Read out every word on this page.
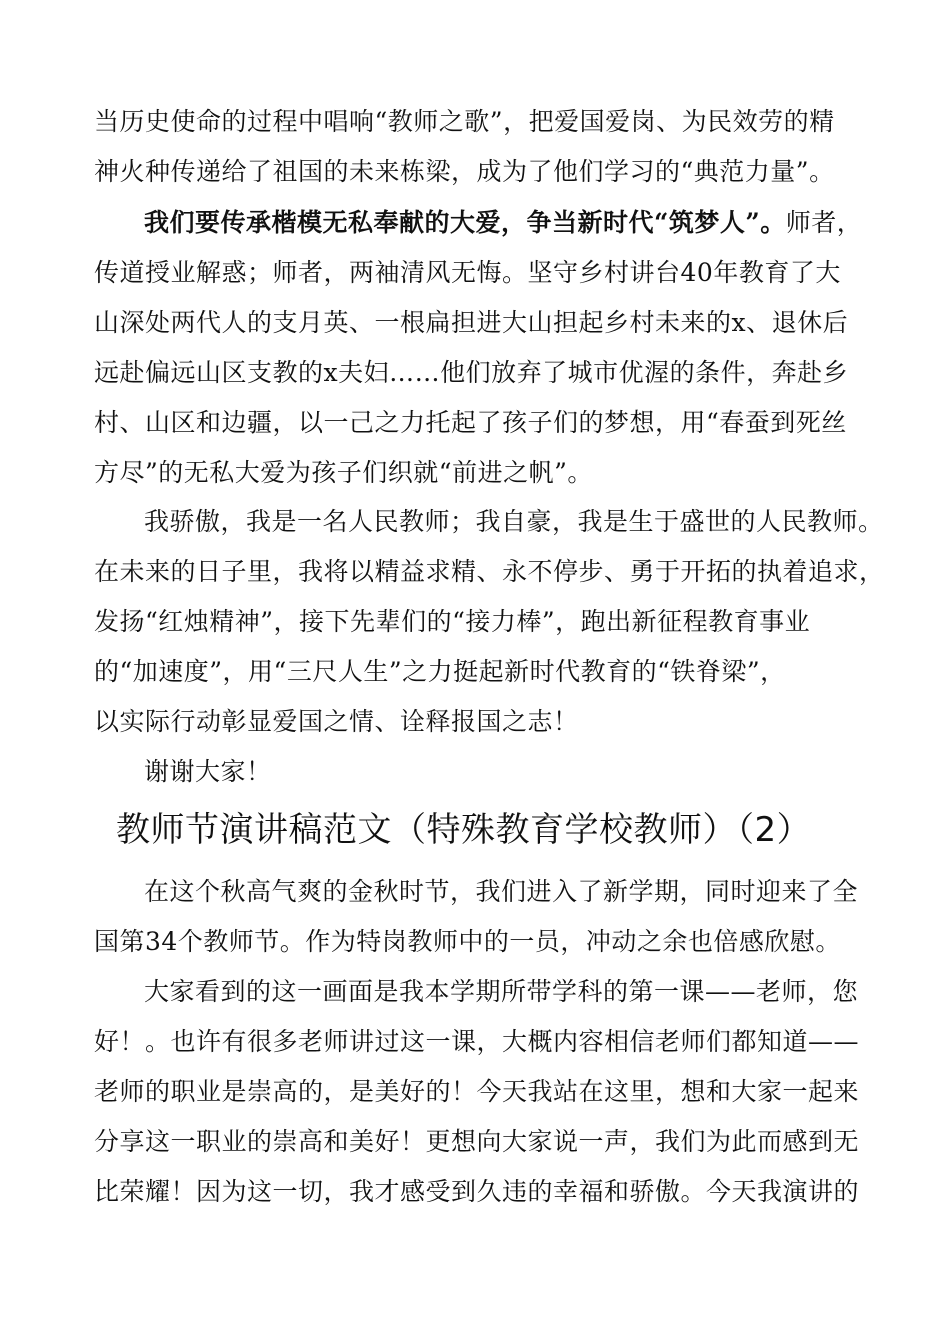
当历史使命的过程中唱响“教师之歌”，把爱国爱岗、为民效劳的精

神火种传递给了祖国的未来栋梁，成为了他们学习的“典范力量”。

我们要传承楷模无私奉献的大爱，争当新时代“筑梦人”。师者，

传道授业解惑；师者，两袖清风无悔。坚守乡村讲台40年教育了大

山深处两代人的支月英、一根扁担进大山担起乡村未来的x、退休后

远赴偏远山区支教的x夫妇……他们放弃了城市优渥的条件，奔赴乡

村、山区和边疆，以一己之力托起了孩子们的梦想，用“春蚕到死丝

方尽”的无私大爱为孩子们织就“前进之帆”。

我骄傲，我是一名人民教师；我自豪，我是生于盛世的人民教师。

在未来的日子里，我将以精益求精、永不停步、勇于开拓的执着追求，

发扬“红烛精神”，接下先辈们的“接力棒”，跑出新征程教育事业

的“加速度”，用“三尺人生”之力挺起新时代教育的“铁脊梁”，

以实际行动彰显爱国之情、诠释报国之志！

谢谢大家！

教师节演讲稿范文（特殊教育学校教师）（2）

在这个秋高气爽的金秋时节，我们进入了新学期，同时迎来了全

国第34个教师节。作为特岗教师中的一员，冲动之余也倍感欣慰。

大家看到的这一画面是我本学期所带学科的第一课——老师，您

好！。也许有很多老师讲过这一课，大概内容相信老师们都知道——

老师的职业是崇高的，是美好的！今天我站在这里，想和大家一起来

分享这一职业的崇高和美好！更想向大家说一声，我们为此而感到无

比荣耀！因为这一切，我才感受到久违的幸福和骄傲。今天我演讲的
